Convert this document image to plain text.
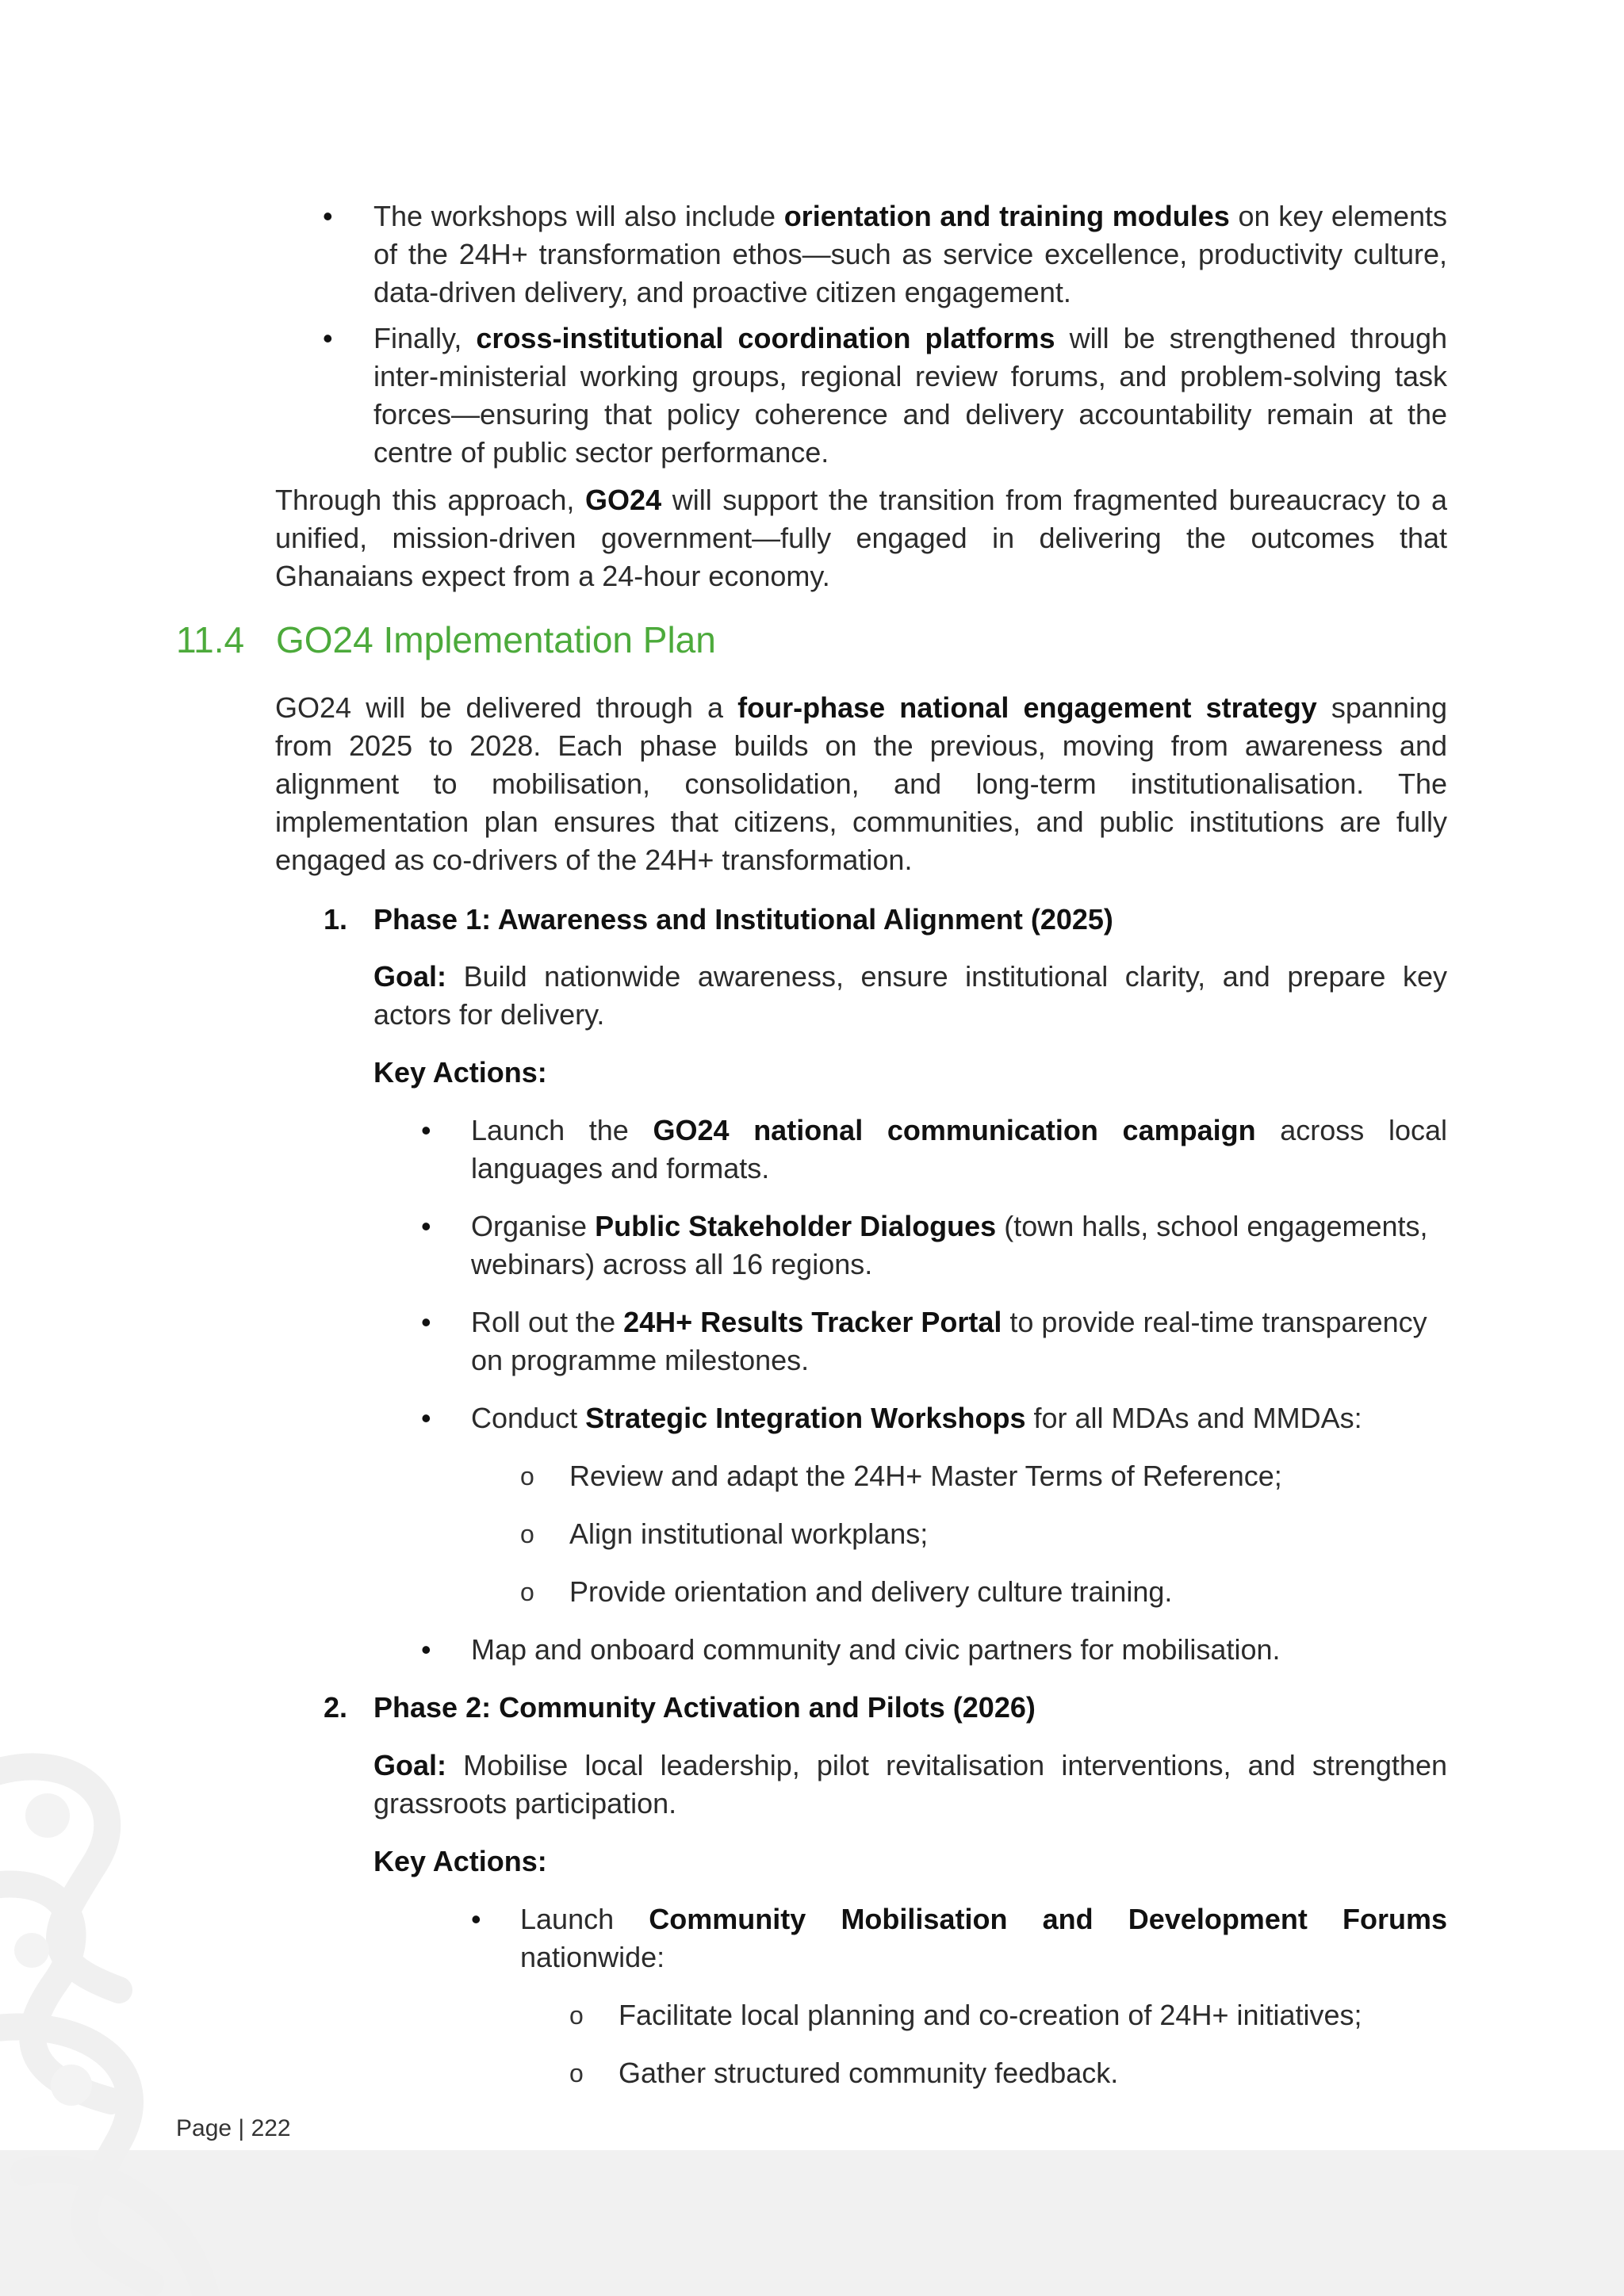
• The workshops will also include orientation and training modules on key elements of the 24H+ transformation ethos—such as service excellence, productivity culture, data-driven delivery, and proactive citizen engagement.
• Finally, cross-institutional coordination platforms will be strengthened through inter-ministerial working groups, regional review forums, and problem-solving task forces—ensuring that policy coherence and delivery accountability remain at the centre of public sector performance.
Through this approach, GO24 will support the transition from fragmented bureaucracy to a unified, mission-driven government—fully engaged in delivering the outcomes that Ghanaians expect from a 24-hour economy.
11.4 GO24 Implementation Plan
GO24 will be delivered through a four-phase national engagement strategy spanning from 2025 to 2028. Each phase builds on the previous, moving from awareness and alignment to mobilisation, consolidation, and long-term institutionalisation. The implementation plan ensures that citizens, communities, and public institutions are fully engaged as co-drivers of the 24H+ transformation.
1. Phase 1: Awareness and Institutional Alignment (2025)
Goal: Build nationwide awareness, ensure institutional clarity, and prepare key actors for delivery.
Key Actions:
• Launch the GO24 national communication campaign across local languages and formats.
• Organise Public Stakeholder Dialogues (town halls, school engagements, webinars) across all 16 regions.
• Roll out the 24H+ Results Tracker Portal to provide real-time transparency on programme milestones.
• Conduct Strategic Integration Workshops for all MDAs and MMDAs:
o Review and adapt the 24H+ Master Terms of Reference;
o Align institutional workplans;
o Provide orientation and delivery culture training.
• Map and onboard community and civic partners for mobilisation.
2. Phase 2: Community Activation and Pilots (2026)
Goal: Mobilise local leadership, pilot revitalisation interventions, and strengthen grassroots participation.
Key Actions:
• Launch Community Mobilisation and Development Forums nationwide:
o Facilitate local planning and co-creation of 24H+ initiatives;
o Gather structured community feedback.
Page | 222
